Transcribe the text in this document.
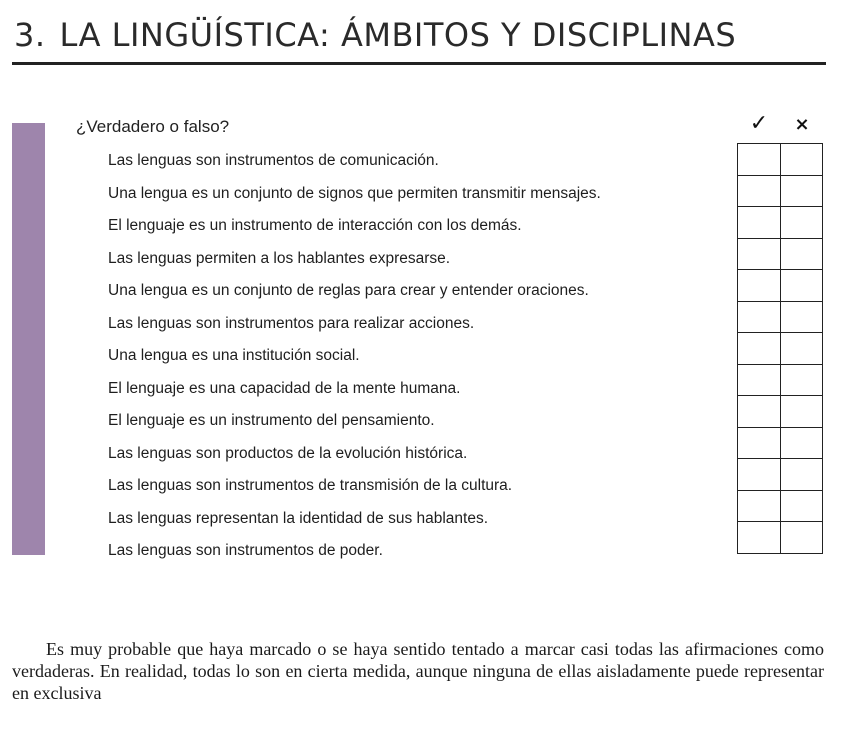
3. LA LINGÜÍSTICA: ÁMBITOS Y DISCIPLINAS
¿Verdadero o falso?	✓	×
Las lenguas son instrumentos de comunicación.
Una lengua es un conjunto de signos que permiten transmitir mensajes.
El lenguaje es un instrumento de interacción con los demás.
Las lenguas permiten a los hablantes expresarse.
Una lengua es un conjunto de reglas para crear y entender oraciones.
Las lenguas son instrumentos para realizar acciones.
Una lengua es una institución social.
El lenguaje es una capacidad de la mente humana.
El lenguaje es un instrumento del pensamiento.
Las lenguas son productos de la evolución histórica.
Las lenguas son instrumentos de transmisión de la cultura.
Las lenguas representan la identidad de sus hablantes.
Las lenguas son instrumentos de poder.

Es muy probable que haya marcado o se haya sentido tentado a marcar casi todas las afirmaciones como verdaderas. En realidad, todas lo son en cierta medida, aunque ninguna de ellas aisladamente puede representar en exclusiva
